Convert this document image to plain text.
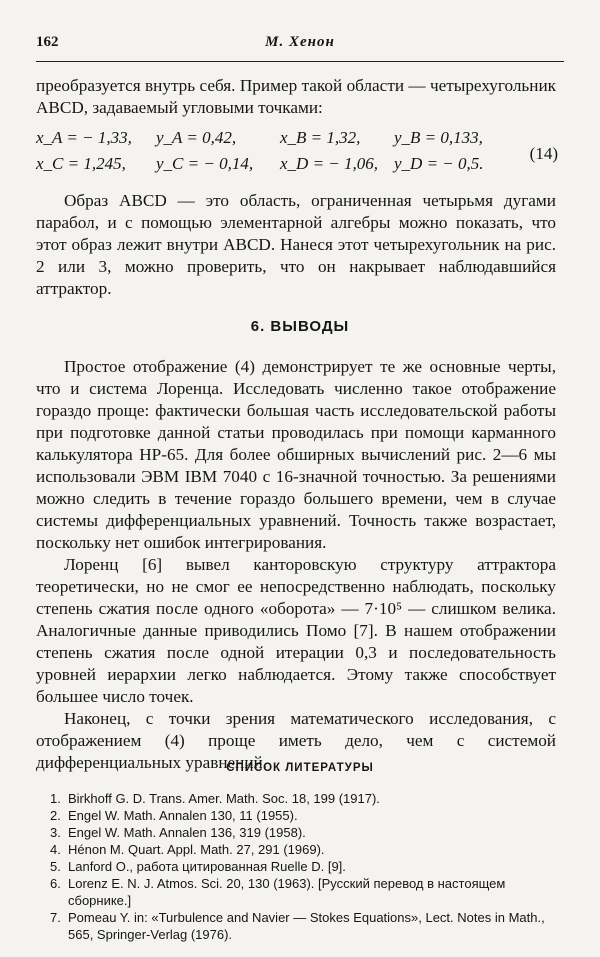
162	М. Хенон

преобразуется внутрь себя. Пример такой области — четырехугольник ABCD, задаваемый угловыми точками:

x_A = − 1,33, y_A = 0,42,	x_B = 1,32, y_B = 0,133,
x_C = 1,245, y_C = − 0,14, x_D = − 1,06, y_D = − 0,5.
(14)

Образ ABCD — это область, ограниченная четырьмя дугами парабол, и с помощью элементарной алгебры можно показать, что этот образ лежит внутри ABCD. Нанеся этот четырехугольник на рис. 2 или 3, можно проверить, что он накрывает наблюдавшийся аттрактор.

6. ВЫВОДЫ

Простое отображение (4) демонстрирует те же основные черты, что и система Лоренца. Исследовать численно такое отображение гораздо проще: фактически большая часть исследовательской работы при подготовке данной статьи проводилась при помощи карманного калькулятора HP-65. Для более обширных вычислений рис. 2—6 мы использовали ЭВМ IBM 7040 с 16-значной точностью. За решениями можно следить в течение гораздо большего времени, чем в случае системы дифференциальных уравнений. Точность также возрастает, поскольку нет ошибок интегрирования.

Лоренц [6] вывел канторовскую структуру аттрактора теоретически, но не смог ее непосредственно наблюдать, поскольку степень сжатия после одного «оборота» — 7·10⁵ — слишком велика. Аналогичные данные приводились Помо [7]. В нашем отображении степень сжатия после одной итерации 0,3 и последовательность уровней иерархии легко наблюдается. Этому также способствует большее число точек.

Наконец, с точки зрения математического исследования, с отображением (4) проще иметь дело, чем с системой дифференциальных уравнений.

СПИСОК ЛИТЕРАТУРЫ
1. Birkhoff G. D. Trans. Amer. Math. Soc. 18, 199 (1917).
2. Engel W. Math. Annalen 130, 11 (1955).
3. Engel W. Math. Annalen 136, 319 (1958).
4. Hénon M. Quart. Appl. Math. 27, 291 (1969).
5. Lanford O., работа цитированная Ruelle D. [9].
6. Lorenz E. N. J. Atmos. Sci. 20, 130 (1963). [Русский перевод в настоящем сборнике.]
7. Pomeau Y. in: «Turbulence and Navier — Stokes Equations», Lect. Notes in Math., 565, Springer-Verlag (1976).
